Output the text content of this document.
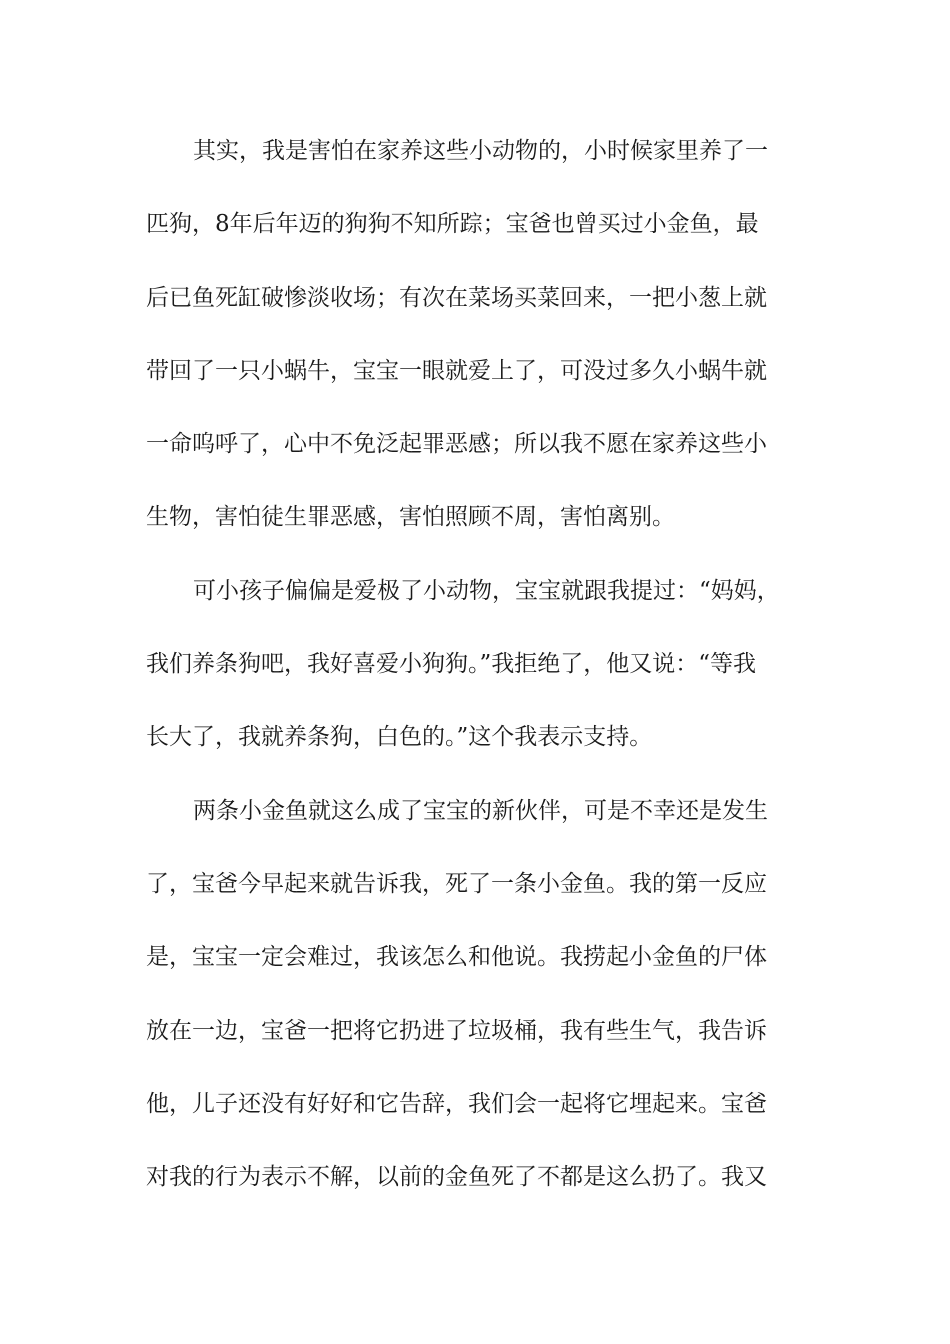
其实，我是害怕在家养这些小动物的，小时候家里养了一
匹狗，8年后年迈的狗狗不知所踪；宝爸也曾买过小金鱼，最
后已鱼死缸破惨淡收场；有次在菜场买菜回来，一把小葱上就
带回了一只小蜗牛，宝宝一眼就爱上了，可没过多久小蜗牛就
一命呜呼了，心中不免泛起罪恶感；所以我不愿在家养这些小
生物，害怕徒生罪恶感，害怕照顾不周，害怕离别。
可小孩子偏偏是爱极了小动物，宝宝就跟我提过：“妈妈，
我们养条狗吧，我好喜爱小狗狗。”我拒绝了，他又说：“等我
长大了，我就养条狗，白色的。”这个我表示支持。
两条小金鱼就这么成了宝宝的新伙伴，可是不幸还是发生
了，宝爸今早起来就告诉我，死了一条小金鱼。我的第一反应
是，宝宝一定会难过，我该怎么和他说。我捞起小金鱼的尸体
放在一边，宝爸一把将它扔进了垃圾桶，我有些生气，我告诉
他，儿子还没有好好和它告辞，我们会一起将它埋起来。宝爸
对我的行为表示不解，以前的金鱼死了不都是这么扔了。我又
